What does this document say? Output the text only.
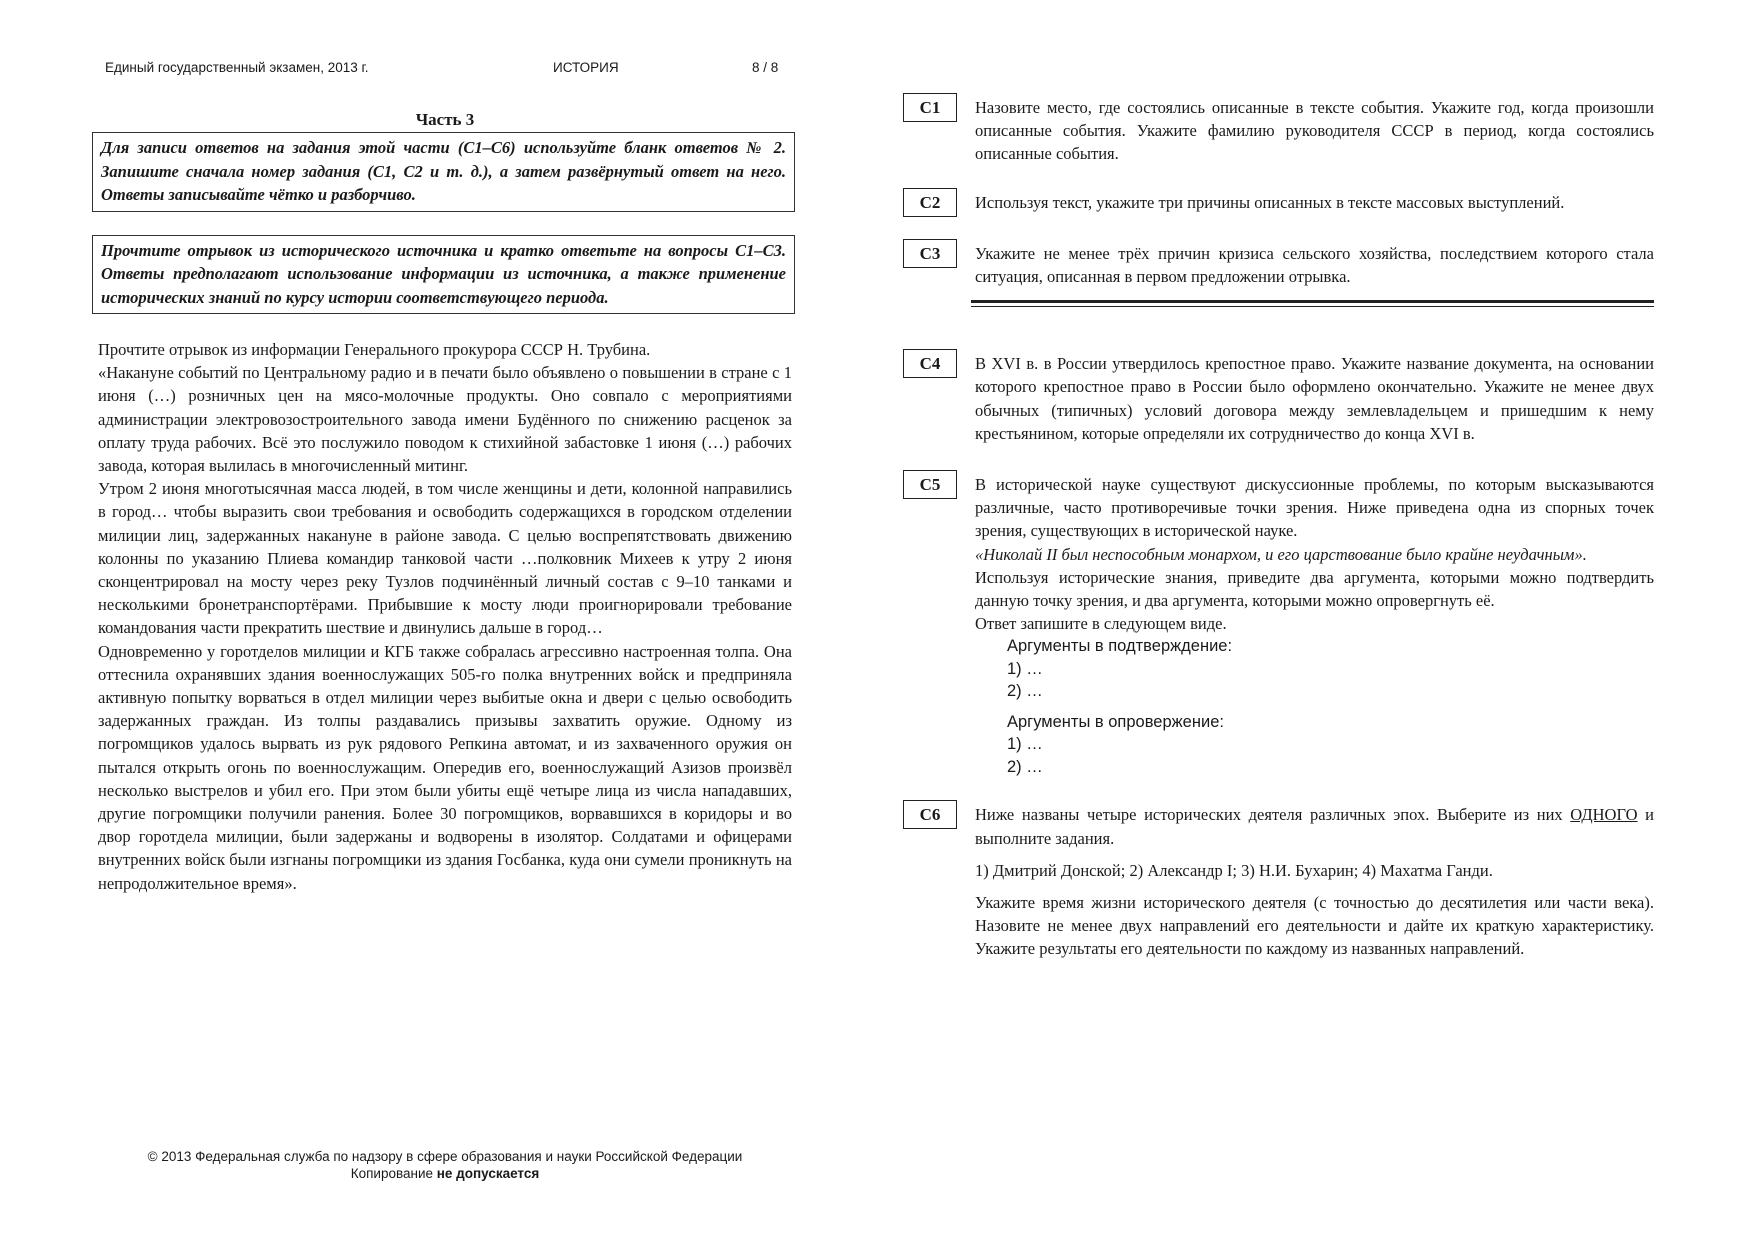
Единый государственный экзамен, 2013 г.	ИСТОРИЯ	8 / 8
Часть 3
Для записи ответов на задания этой части (С1–С6) используйте бланк ответов № 2. Запишите сначала номер задания (С1, С2 и т. д.), а затем развёрнутый ответ на него. Ответы записывайте чётко и разборчиво.
Прочтите отрывок из исторического источника и кратко ответьте на вопросы С1–С3. Ответы предполагают использование информации из источника, а также применение исторических знаний по курсу истории соответствующего периода.

Прочтите отрывок из информации Генерального прокурора СССР Н. Трубина.

«Накануне событий по Центральному радио и в печати было объявлено о повышении в стране с 1 июня (…) розничных цен на мясо-молочные продукты. Оно совпало с мероприятиями администрации электровозостроительного завода имени Будённого по снижению расценок за оплату труда рабочих. Всё это послужило поводом к стихийной забастовке 1 июня (…) рабочих завода, которая вылилась в многочисленный митинг.

Утром 2 июня многотысячная масса людей, в том числе женщины и дети, колонной направились в город… чтобы выразить свои требования и освободить содержащихся в городском отделении милиции лиц, задержанных накануне в районе завода. С целью воспрепятствовать движению колонны по указанию Плиева командир танковой части …полковник Михеев к утру 2 июня сконцентрировал на мосту через реку Тузлов подчинённый личный состав с 9–10 танками и несколькими бронетранспортёрами. Прибывшие к мосту люди проигнорировали требование командования части прекратить шествие и двинулись дальше в город…

Одновременно у горотделов милиции и КГБ также собралась агрессивно настроенная толпа. Она оттеснила охранявших здания военнослужащих 505-го полка внутренних войск и предприняла активную попытку ворваться в отдел милиции через выбитые окна и двери с целью освободить задержанных граждан. Из толпы раздавались призывы захватить оружие. Одному из погромщиков удалось вырвать из рук рядового Репкина автомат, и из захваченного оружия он пытался открыть огонь по военнослужащим. Опередив его, военнослужащий Азизов произвёл несколько выстрелов и убил его. При этом были убиты ещё четыре лица из числа нападавших, другие погромщики получили ранения. Более 30 погромщиков, ворвавшихся в коридоры и во двор горотдела милиции, были задержаны и водворены в изолятор. Солдатами и офицерами внутренних войск были изгнаны погромщики из здания Госбанка, куда они сумели проникнуть на непродолжительное время».

© 2013 Федеральная служба по надзору в сфере образования и науки Российской Федерации
Копирование не допускается
С1	Назовите место, где состоялись описанные в тексте события. Укажите год, когда произошли описанные события. Укажите фамилию руководителя СССР в период, когда состоялись описанные события.

С2	Используя текст, укажите три причины описанных в тексте массовых выступлений.

С3	Укажите не менее трёх причин кризиса сельского хозяйства, последствием которого стала ситуация, описанная в первом предложении отрывка.

С4	В XVI в. в России утвердилось крепостное право. Укажите название документа, на основании которого крепостное право в России было оформлено окончательно. Укажите не менее двух обычных (типичных) условий договора между землевладельцем и пришедшим к нему крестьянином, которые определяли их сотрудничество до конца XVI в.

С5	В исторической науке существуют дискуссионные проблемы, по которым высказываются различные, часто противоречивые точки зрения. Ниже приведена одна из спорных точек зрения, существующих в исторической науке.

«Николай II был неспособным монархом, и его царствование было крайне неудачным».

Используя исторические знания, приведите два аргумента, которыми можно подтвердить данную точку зрения, и два аргумента, которыми можно опровергнуть её.

Ответ запишите в следующем виде.

Аргументы в подтверждение:
1) …
2) …
Аргументы в опровержение:
1) …
2) …
С6	Ниже названы четыре исторических деятеля различных эпох. Выберите из них ОДНОГО и выполните задания.

1) Дмитрий Донской; 2) Александр I; 3) Н.И. Бухарин; 4) Махатма Ганди.

Укажите время жизни исторического деятеля (с точностью до десятилетия или части века). Назовите не менее двух направлений его деятельности и дайте их краткую характеристику. Укажите результаты его деятельности по каждому из названных направлений.
